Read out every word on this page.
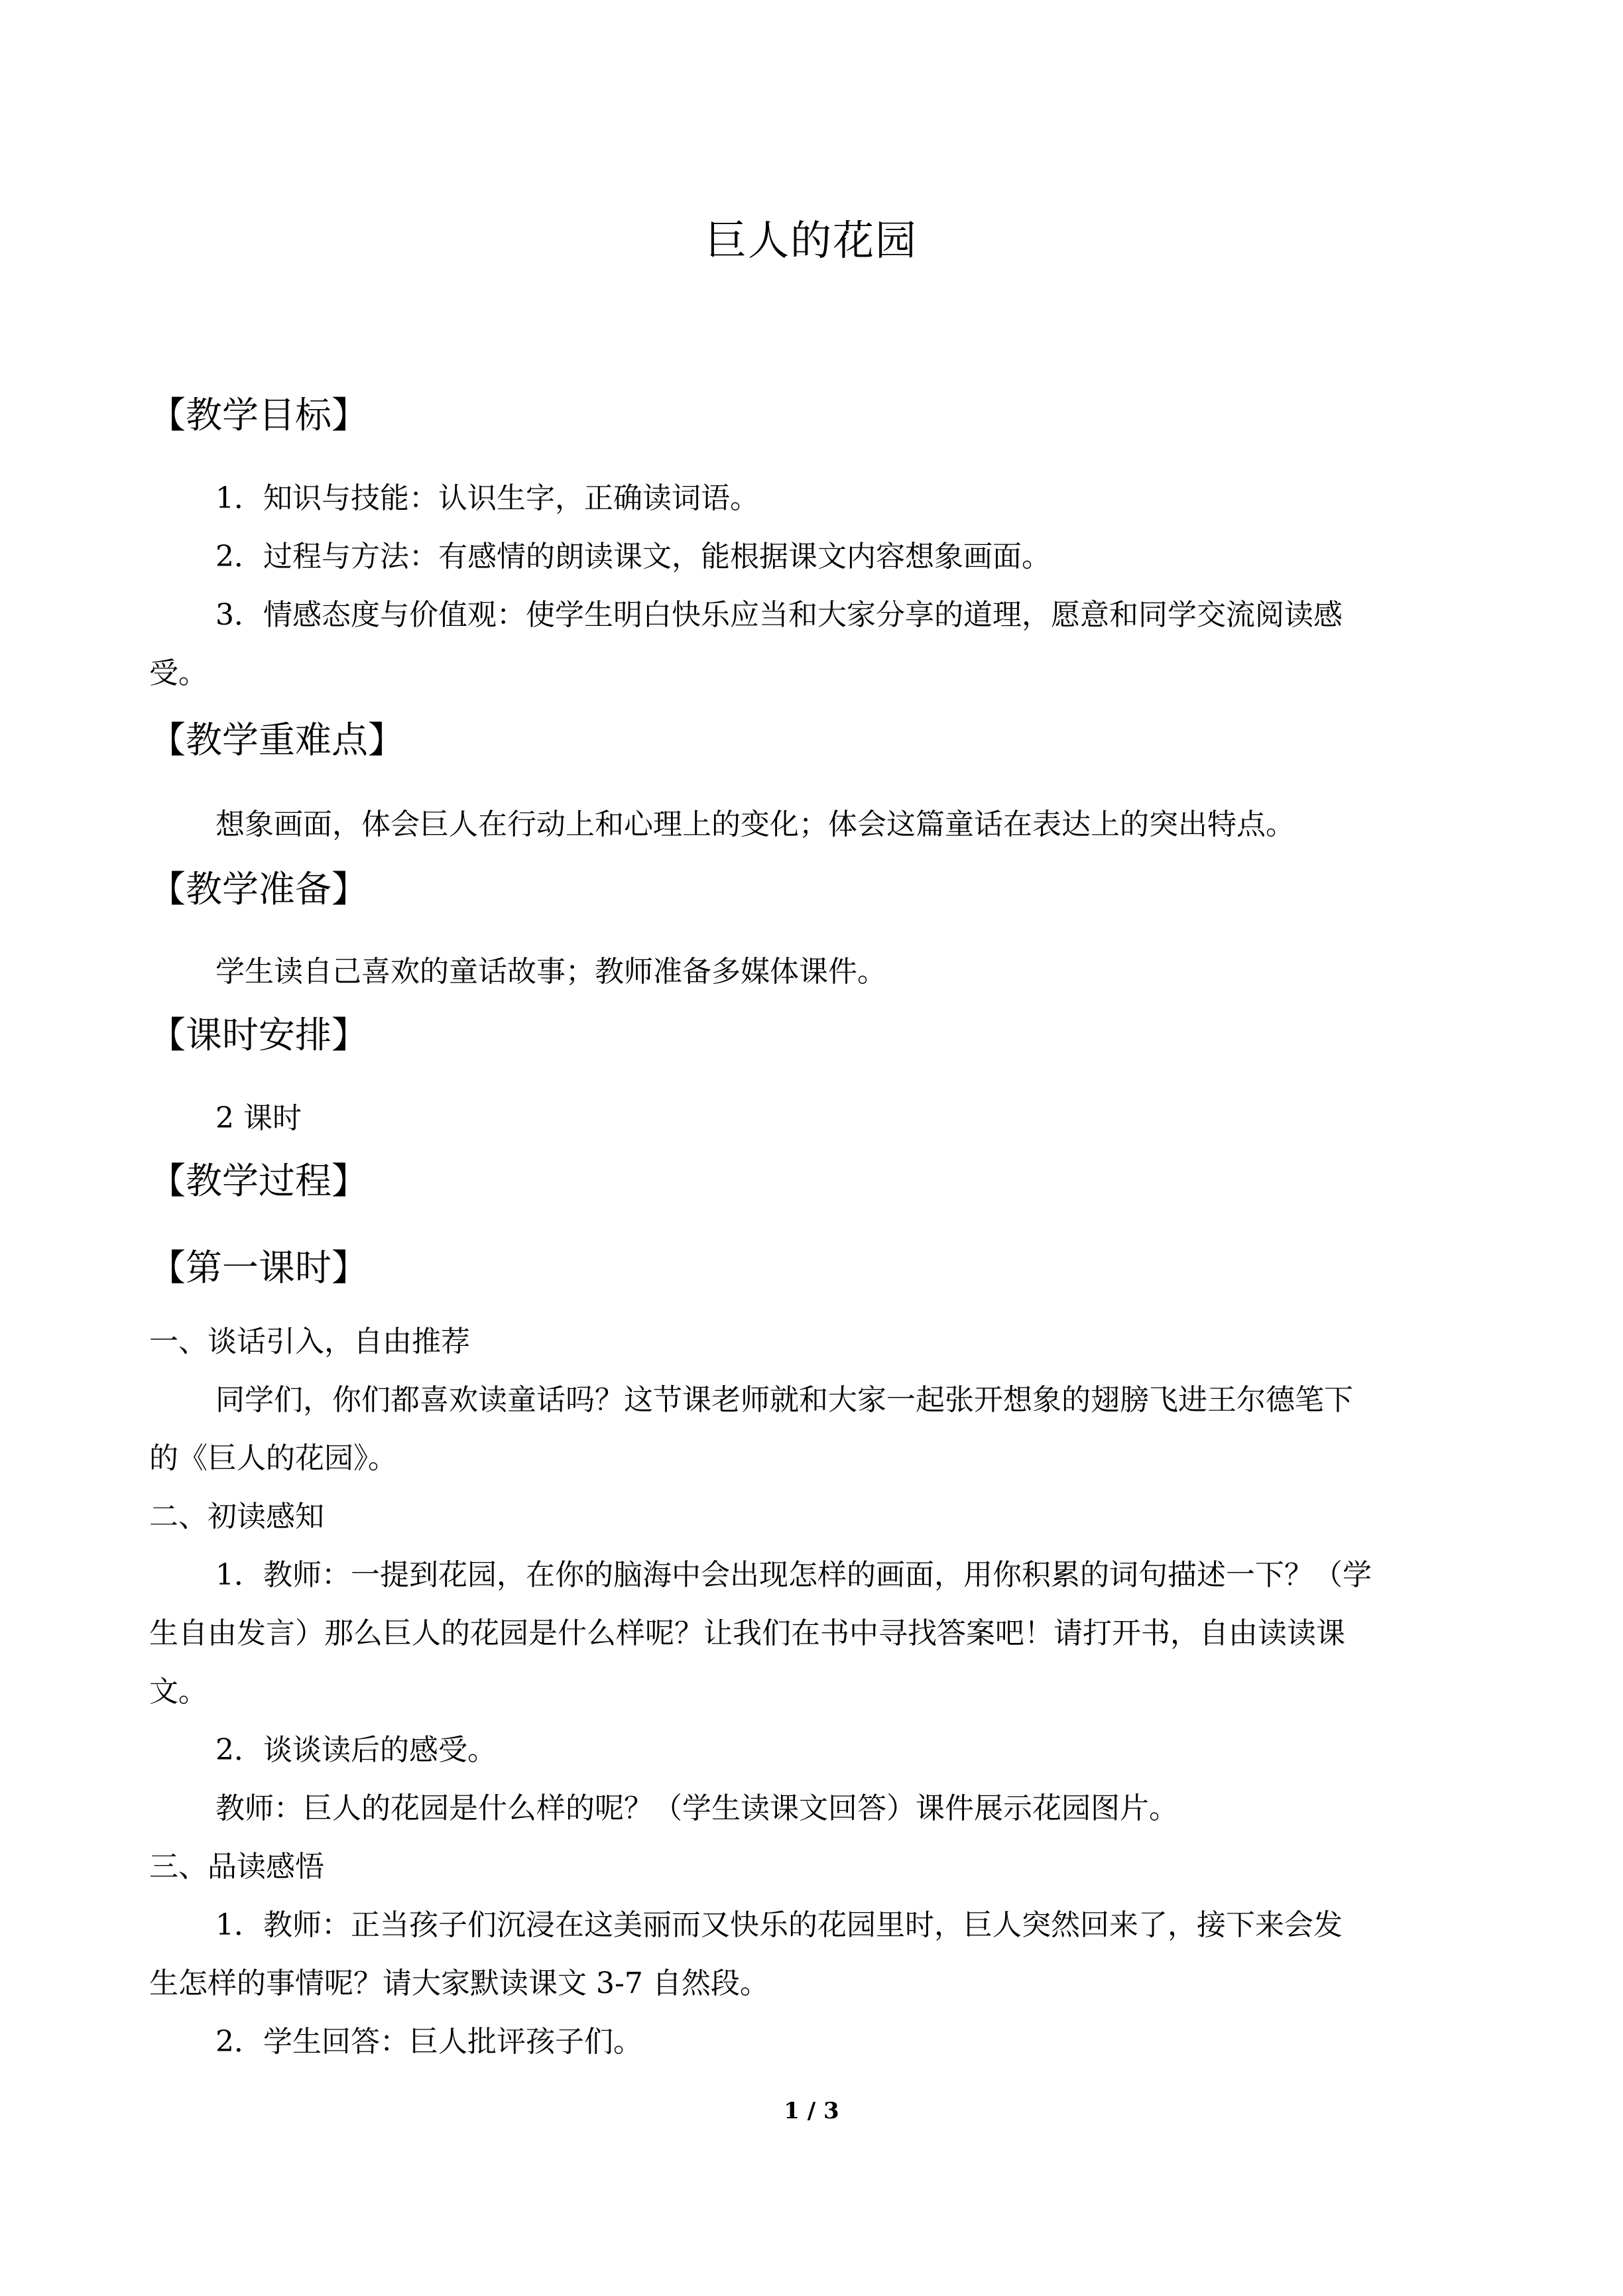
巨人的花园
【教学目标】
1．知识与技能：认识生字，正确读词语。
2．过程与方法：有感情的朗读课文，能根据课文内容想象画面。
3．情感态度与价值观：使学生明白快乐应当和大家分享的道理，愿意和同学交流阅读感
受。
【教学重难点】
想象画面，体会巨人在行动上和心理上的变化；体会这篇童话在表达上的突出特点。
【教学准备】
学生读自己喜欢的童话故事；教师准备多媒体课件。
【课时安排】
2 课时
【教学过程】
【第一课时】
一、谈话引入，自由推荐
同学们，你们都喜欢读童话吗？这节课老师就和大家一起张开想象的翅膀飞进王尔德笔下
的《巨人的花园》。
二、初读感知
1．教师：一提到花园，在你的脑海中会出现怎样的画面，用你积累的词句描述一下？（学
生自由发言）那么巨人的花园是什么样呢？让我们在书中寻找答案吧！请打开书，自由读读课
文。
2．谈谈读后的感受。
教师：巨人的花园是什么样的呢？（学生读课文回答）课件展示花园图片。
三、品读感悟
1．教师：正当孩子们沉浸在这美丽而又快乐的花园里时，巨人突然回来了，接下来会发
生怎样的事情呢？请大家默读课文 3-7 自然段。
2．学生回答：巨人批评孩子们。
1 / 3
